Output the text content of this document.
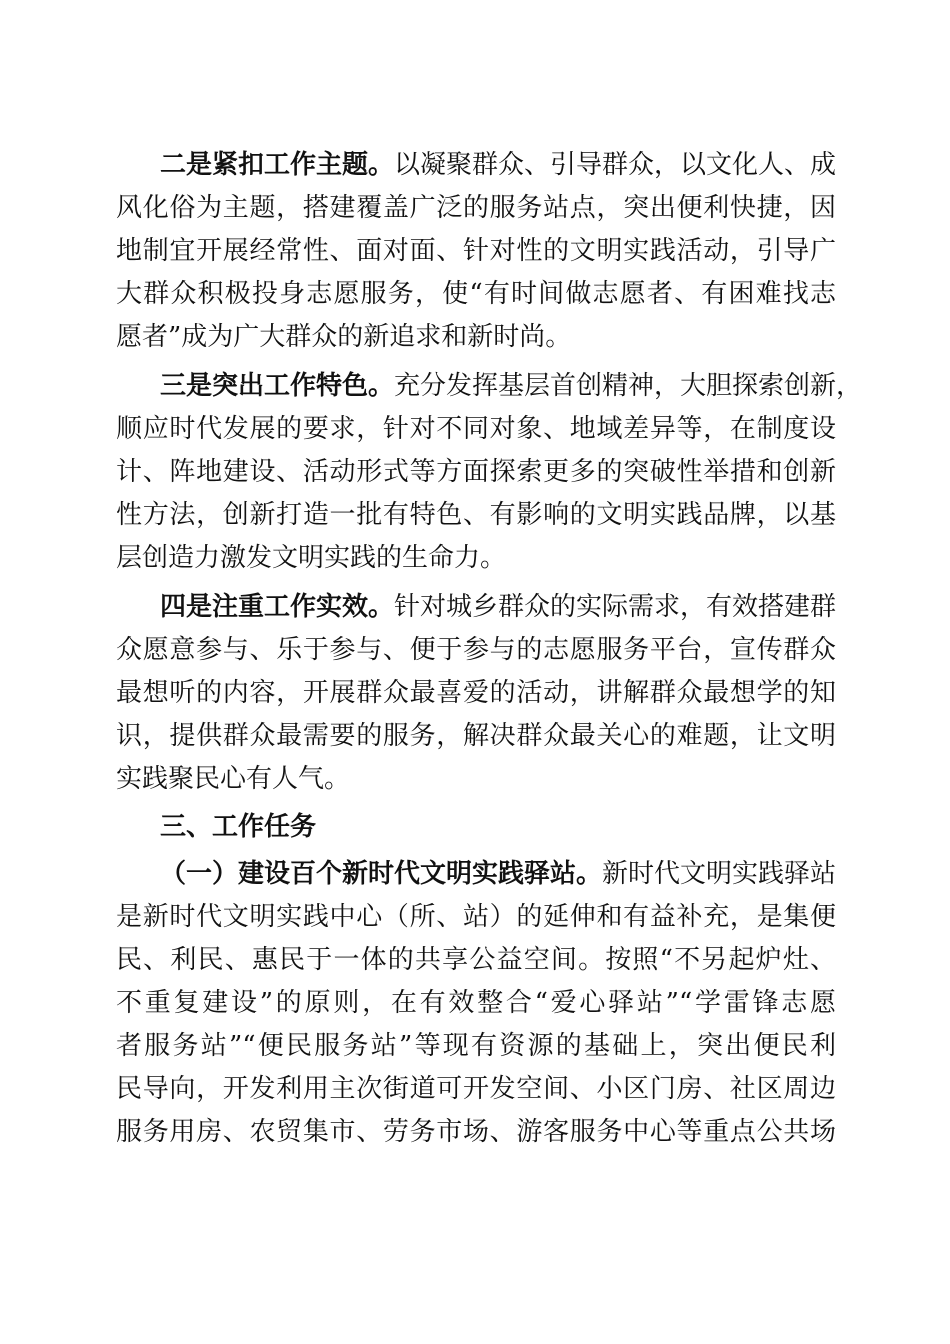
二是紧扣工作主题。以凝聚群众、引导群众，以文化人、成

风化俗为主题，搭建覆盖广泛的服务站点，突出便利快捷，因

地制宜开展经常性、面对面、针对性的文明实践活动，引导广

大群众积极投身志愿服务，使“有时间做志愿者、有困难找志

愿者”成为广大群众的新追求和新时尚。

三是突出工作特色。充分发挥基层首创精神，大胆探索创新，

顺应时代发展的要求，针对不同对象、地域差异等，在制度设

计、阵地建设、活动形式等方面探索更多的突破性举措和创新

性方法，创新打造一批有特色、有影响的文明实践品牌，以基

层创造力激发文明实践的生命力。

四是注重工作实效。针对城乡群众的实际需求，有效搭建群

众愿意参与、乐于参与、便于参与的志愿服务平台，宣传群众

最想听的内容，开展群众最喜爱的活动，讲解群众最想学的知

识，提供群众最需要的服务，解决群众最关心的难题，让文明

实践聚民心有人气。

三、工作任务

（一）建设百个新时代文明实践驿站。新时代文明实践驿站

是新时代文明实践中心（所、站）的延伸和有益补充，是集便

民、利民、惠民于一体的共享公益空间。按照“不另起炉灶、

不重复建设”的原则，在有效整合“爱心驿站”“学雷锋志愿

者服务站”“便民服务站”等现有资源的基础上，突出便民利

民导向，开发利用主次街道可开发空间、小区门房、社区周边

服务用房、农贸集市、劳务市场、游客服务中心等重点公共场
